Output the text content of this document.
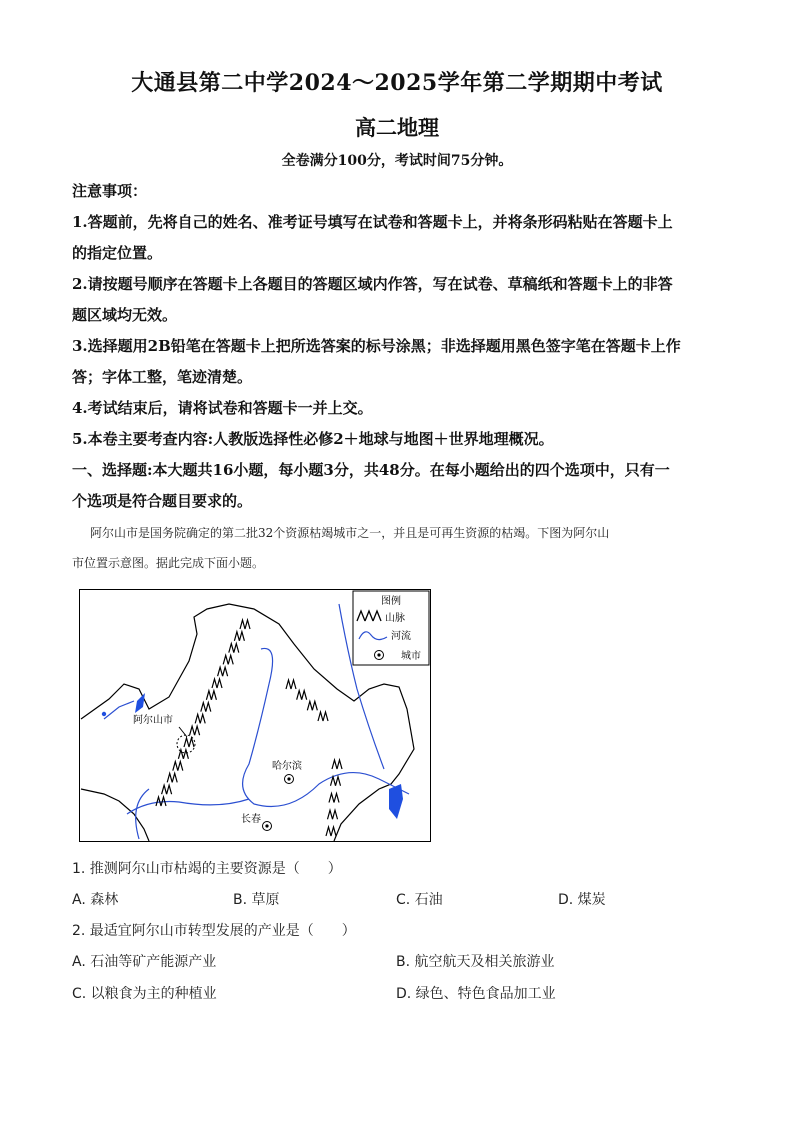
大通县第二中学2024～2025学年第二学期期中考试
高二地理
全卷满分100分，考试时间75分钟。
注意事项：
1.答题前，先将自己的姓名、准考证号填写在试卷和答题卡上，并将条形码粘贴在答题卡上
的指定位置。
2.请按题号顺序在答题卡上各题目的答题区域内作答，写在试卷、草稿纸和答题卡上的非答
题区域均无效。
3.选择题用2B铅笔在答题卡上把所选答案的标号涂黑；非选择题用黑色签字笔在答题卡上作
答；字体工整，笔迹清楚。
4.考试结束后，请将试卷和答题卡一并上交。
5.本卷主要考查内容:人教版选择性必修2＋地球与地图＋世界地理概况。
一、选择题:本大题共16小题，每小题3分，共48分。在每小题给出的四个选项中，只有一
个选项是符合题目要求的。
阿尔山市是国务院确定的第二批32个资源枯竭城市之一，并且是可再生资源的枯竭。下图为阿尔山
市位置示意图。据此完成下面小题。
阿尔山市
哈尔滨
长春
图例
山脉
河流
城市
1. 推测阿尔山市枯竭的主要资源是（　　）
A. 森林	B. 草原	C. 石油	D. 煤炭
2. 最适宜阿尔山市转型发展的产业是（　　）
A. 石油等矿产能源产业	B. 航空航天及相关旅游业
C. 以粮食为主的种植业	D. 绿色、特色食品加工业
